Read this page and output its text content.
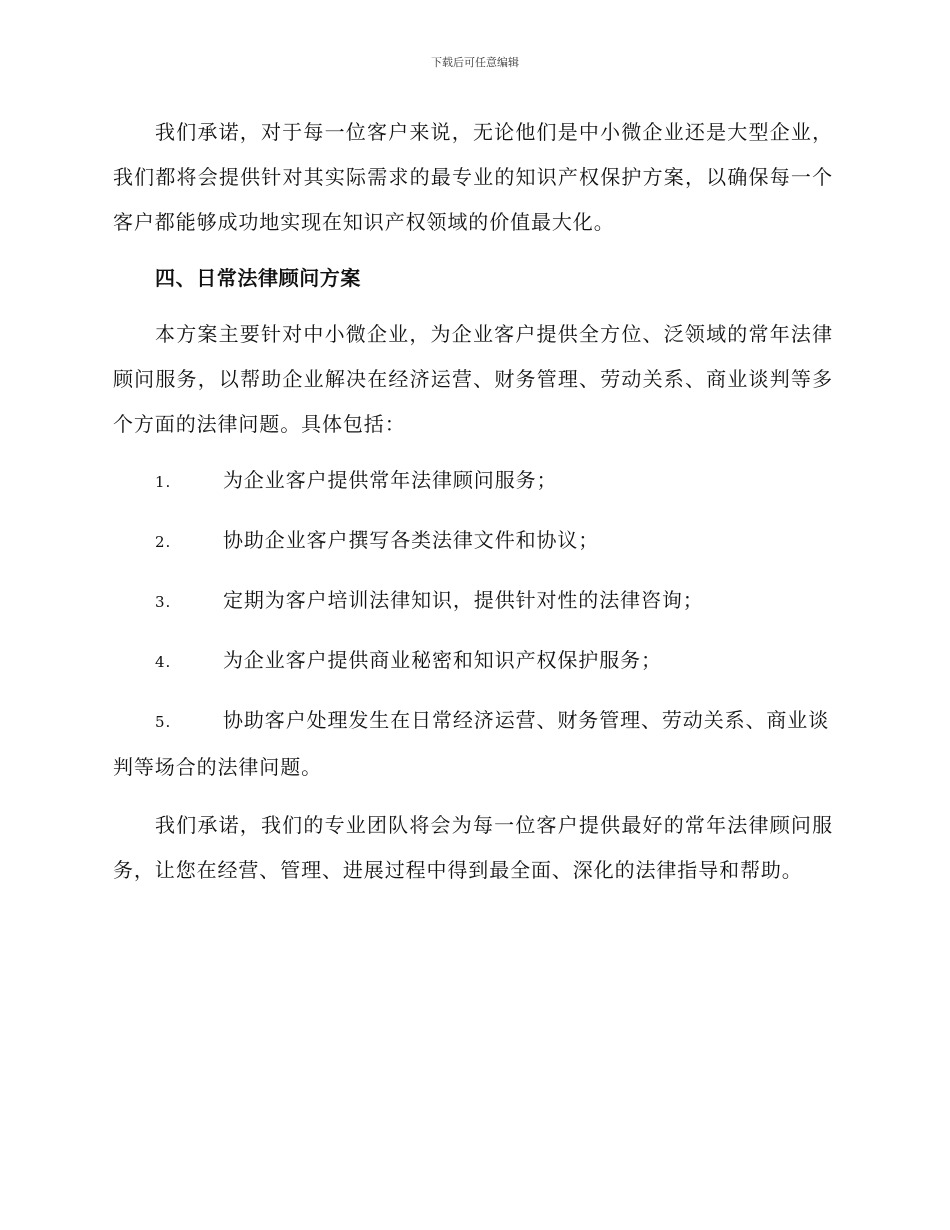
下载后可任意编辑

我们承诺，对于每一位客户来说，无论他们是中小微企业还是大型企业，我们都将会提供针对其实际需求的最专业的知识产权保护方案，以确保每一个客户都能够成功地实现在知识产权领域的价值最大化。

四、日常法律顾问方案

本方案主要针对中小微企业，为企业客户提供全方位、泛领域的常年法律顾问服务，以帮助企业解决在经济运营、财务管理、劳动关系、商业谈判等多个方面的法律问题。具体包括：

1.	为企业客户提供常年法律顾问服务；
2.	协助企业客户撰写各类法律文件和协议；
3.	定期为客户培训法律知识，提供针对性的法律咨询；
4.	为企业客户提供商业秘密和知识产权保护服务；
5.	协助客户处理发生在日常经济运营、财务管理、劳动关系、商业谈判等场合的法律问题。

我们承诺，我们的专业团队将会为每一位客户提供最好的常年法律顾问服务，让您在经营、管理、进展过程中得到最全面、深化的法律指导和帮助。
